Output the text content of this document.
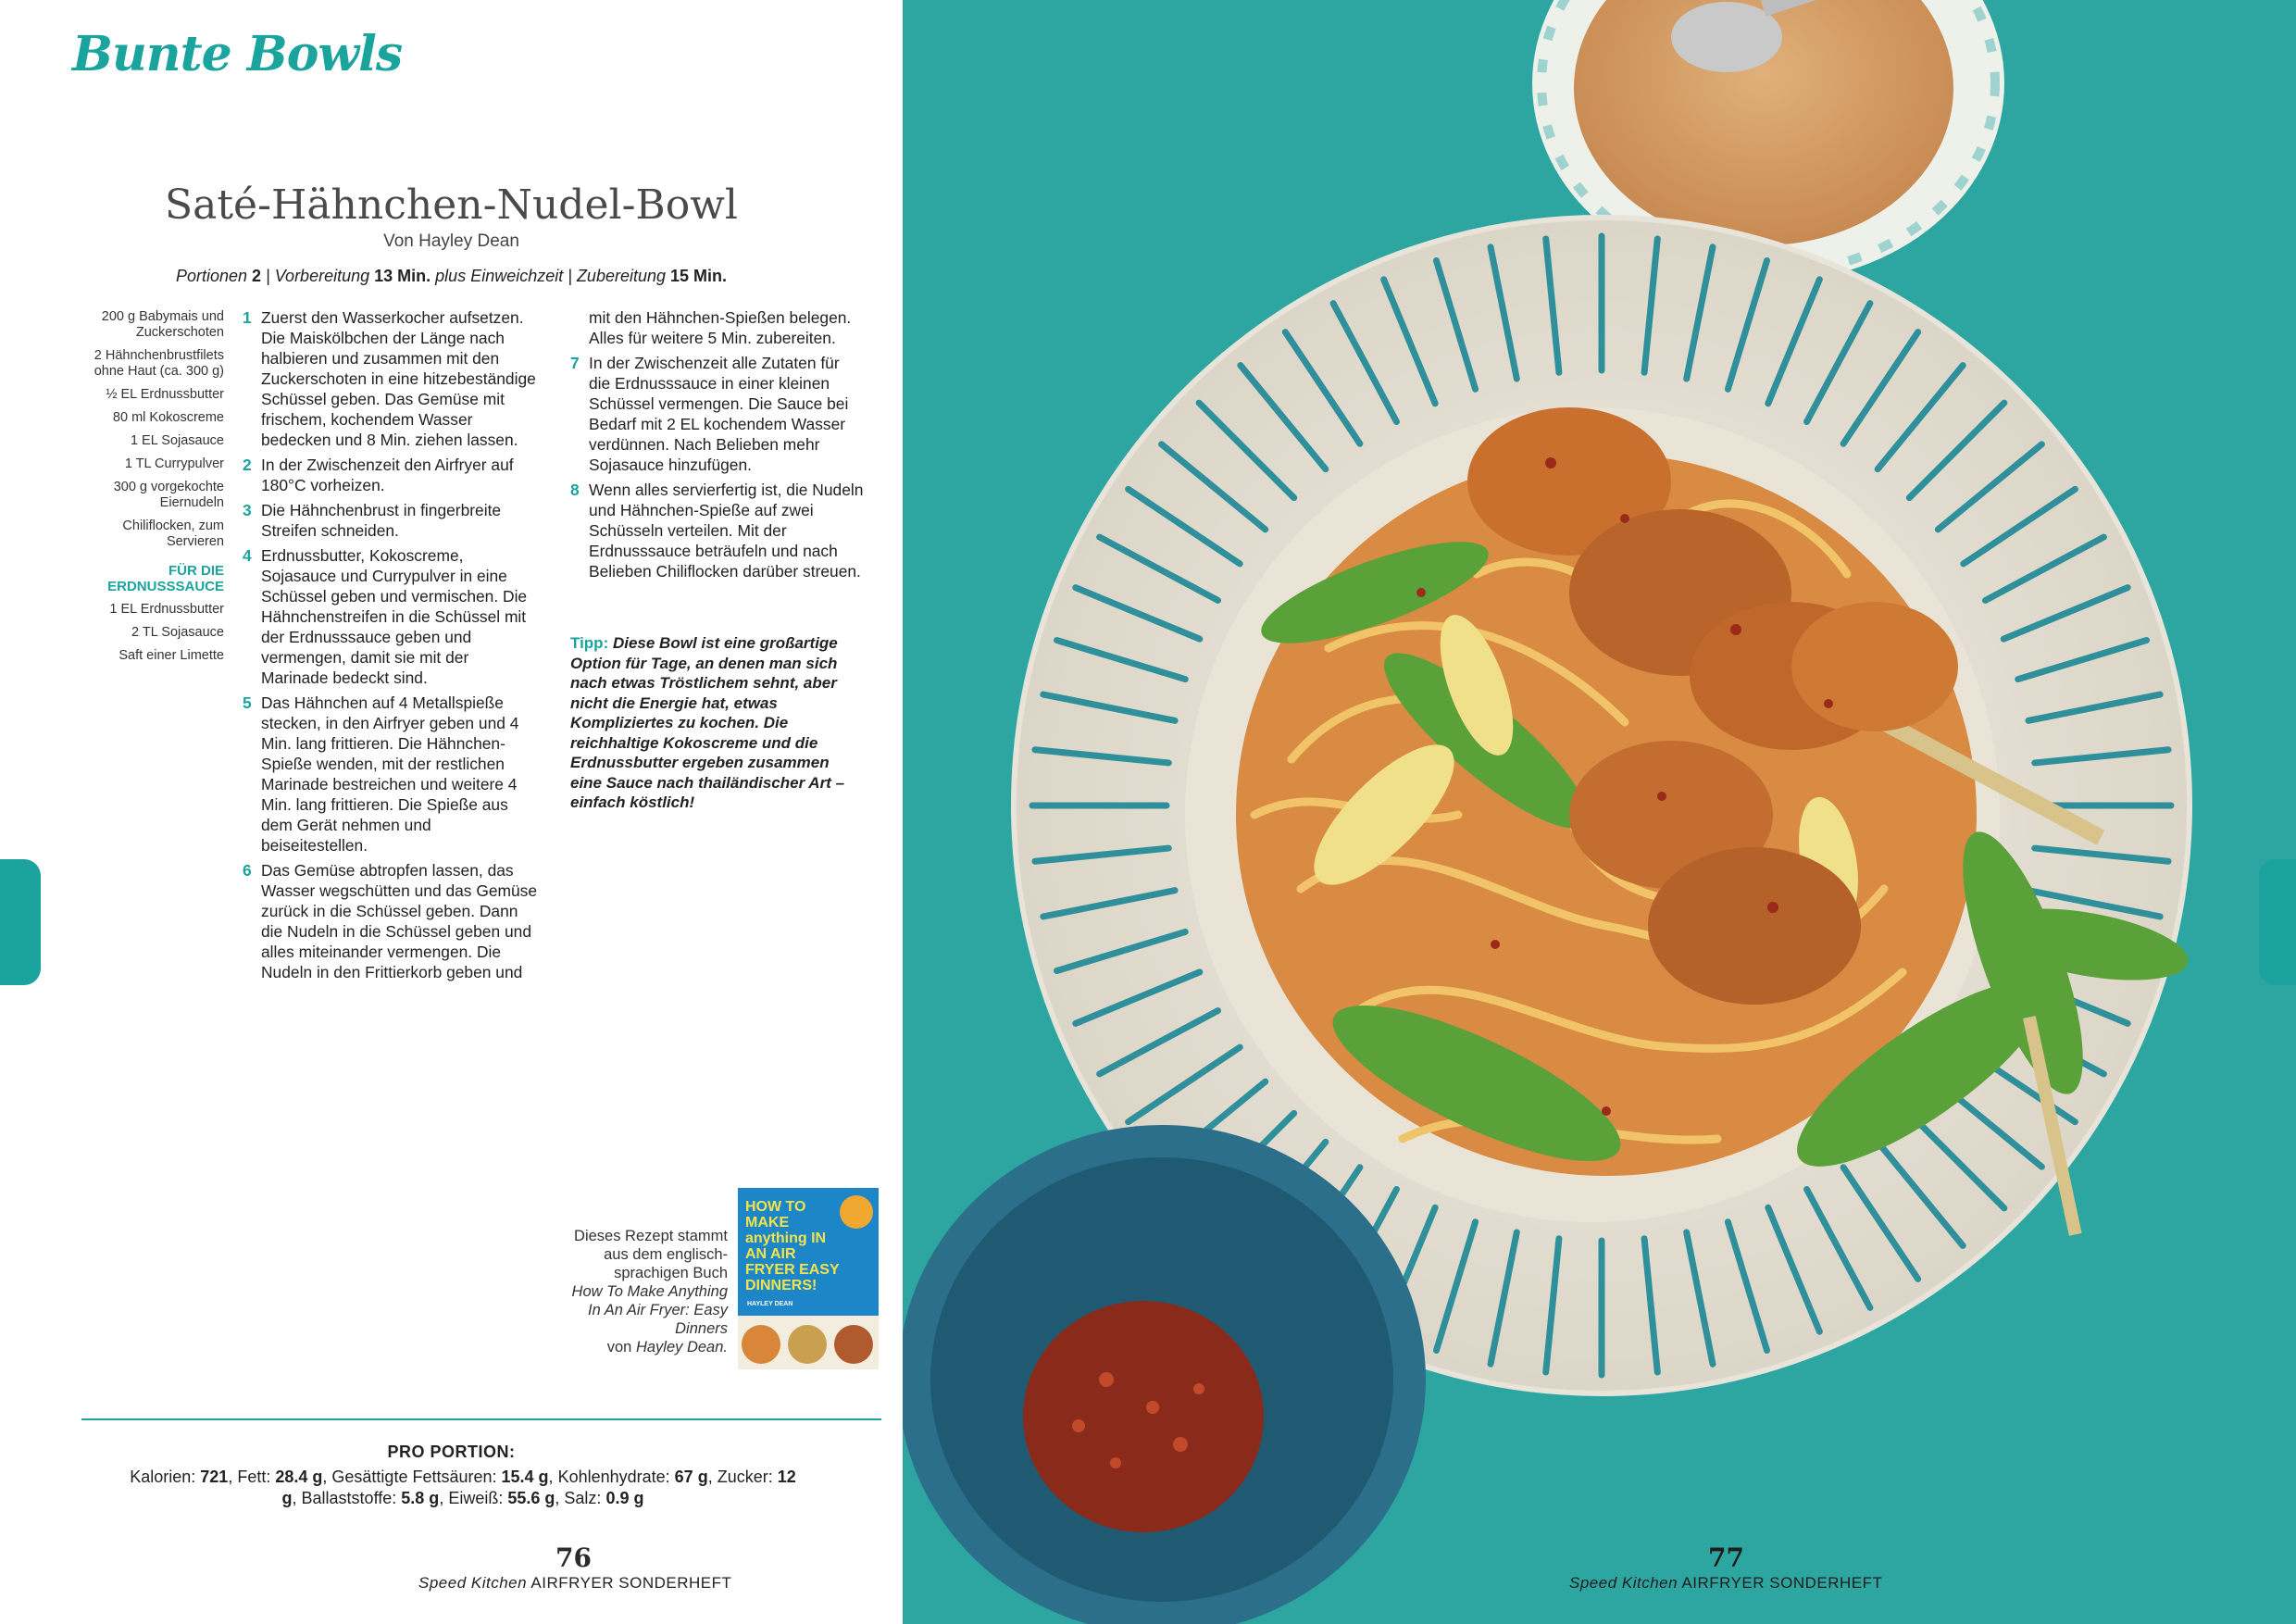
Bunte Bowls
Saté-Hähnchen-Nudel-Bowl
Von Hayley Dean
Portionen 2 | Vorbereitung 13 Min. plus Einweichzeit | Zubereitung 15 Min.
200 g Babymais und Zuckerschoten
2 Hähnchenbrustfilets ohne Haut (ca. 300 g)
½ EL Erdnussbutter
80 ml Kokoscreme
1 EL Sojasauce
1 TL Currypulver
300 g vorgekochte Eiernudeln
Chiliflocken, zum Servieren
FÜR DIE ERDNUSSSAUCE
1 EL Erdnussbutter
2 TL Sojasauce
Saft einer Limette
1 Zuerst den Wasserkocher aufsetzen. Die Maiskölbchen der Länge nach halbieren und zusammen mit den Zuckerschoten in eine hitzebeständige Schüssel geben. Das Gemüse mit frischem, kochendem Wasser bedecken und 8 Min. ziehen lassen.
2 In der Zwischenzeit den Airfryer auf 180°C vorheizen.
3 Die Hähnchenbrust in fingerbreite Streifen schneiden.
4 Erdnussbutter, Kokoscreme, Sojasauce und Currypulver in eine Schüssel geben und vermischen. Die Hähnchenstreifen in die Schüssel mit der Erdnusssauce geben und vermengen, damit sie mit der Marinade bedeckt sind.
5 Das Hähnchen auf 4 Metallspieße stecken, in den Airfryer geben und 4 Min. lang frittieren. Die Hähnchen-Spieße wenden, mit der restlichen Marinade bestreichen und weitere 4 Min. lang frittieren. Die Spieße aus dem Gerät nehmen und beiseitestellen.
6 Das Gemüse abtropfen lassen, das Wasser wegschütten und das Gemüse zurück in die Schüssel geben. Dann die Nudeln in die Schüssel geben und alles miteinander vermengen. Die Nudeln in den Frittierkorb geben und
mit den Hähnchen-Spießen belegen. Alles für weitere 5 Min. zubereiten.
7 In der Zwischenzeit alle Zutaten für die Erdnusssauce in einer kleinen Schüssel vermengen. Die Sauce bei Bedarf mit 2 EL kochendem Wasser verdünnen. Nach Belieben mehr Sojasauce hinzufügen.
8 Wenn alles servierfertig ist, die Nudeln und Hähnchen-Spieße auf zwei Schüsseln verteilen. Mit der Erdnusssauce beträufeln und nach Belieben Chiliflocken darüber streuen.
Tipp: Diese Bowl ist eine großartige Option für Tage, an denen man sich nach etwas Tröstlichem sehnt, aber nicht die Energie hat, etwas Kompliziertes zu kochen. Die reichhaltige Kokoscreme und die Erdnussbutter ergeben zusammen eine Sauce nach thailändischer Art – einfach köstlich!
Dieses Rezept stammt aus dem englisch-sprachigen Buch
How To Make Anything In An Air Fryer: Easy Dinners
von Hayley Dean.
HOW TO MAKE anything IN AN AIR FRYER EASY DINNERS!
HAYLEY DEAN
PRO PORTION:
Kalorien: 721, Fett: 28.4 g, Gesättigte Fettsäuren: 15.4 g, Kohlenhydrate: 67 g, Zucker: 12 g, Ballaststoffe: 5.8 g, Eiweiß: 55.6 g, Salz: 0.9 g
76
Speed Kitchen AIRFRYER SONDERHEFT
77
Speed Kitchen AIRFRYER SONDERHEFT
